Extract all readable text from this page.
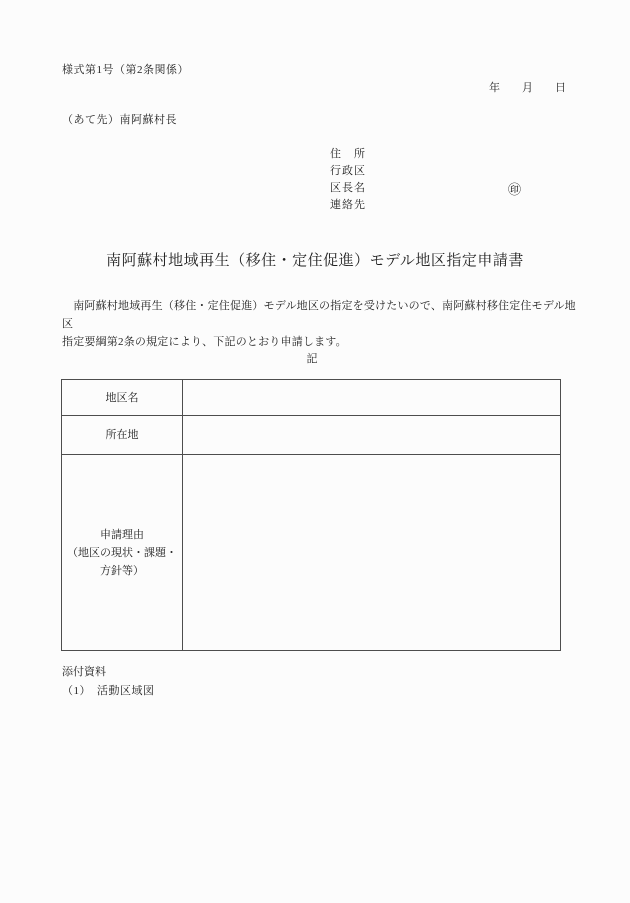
様式第1号（第2条関係）
年　　月　　日
（あて先）南阿蘇村長
住　所
行政区
区長名	㊞
連絡先
南阿蘇村地域再生（移住・定住促進）モデル地区指定申請書
　南阿蘇村地域再生（移住・定住促進）モデル地区の指定を受けたいので、南阿蘇村移住定住モデル地区
指定要綱第2条の規定により、下記のとおり申請します。
記
地区名	
所在地	

申請理由
（地区の現状・課題・方針等）	

添付資料
（1）　活動区域図
